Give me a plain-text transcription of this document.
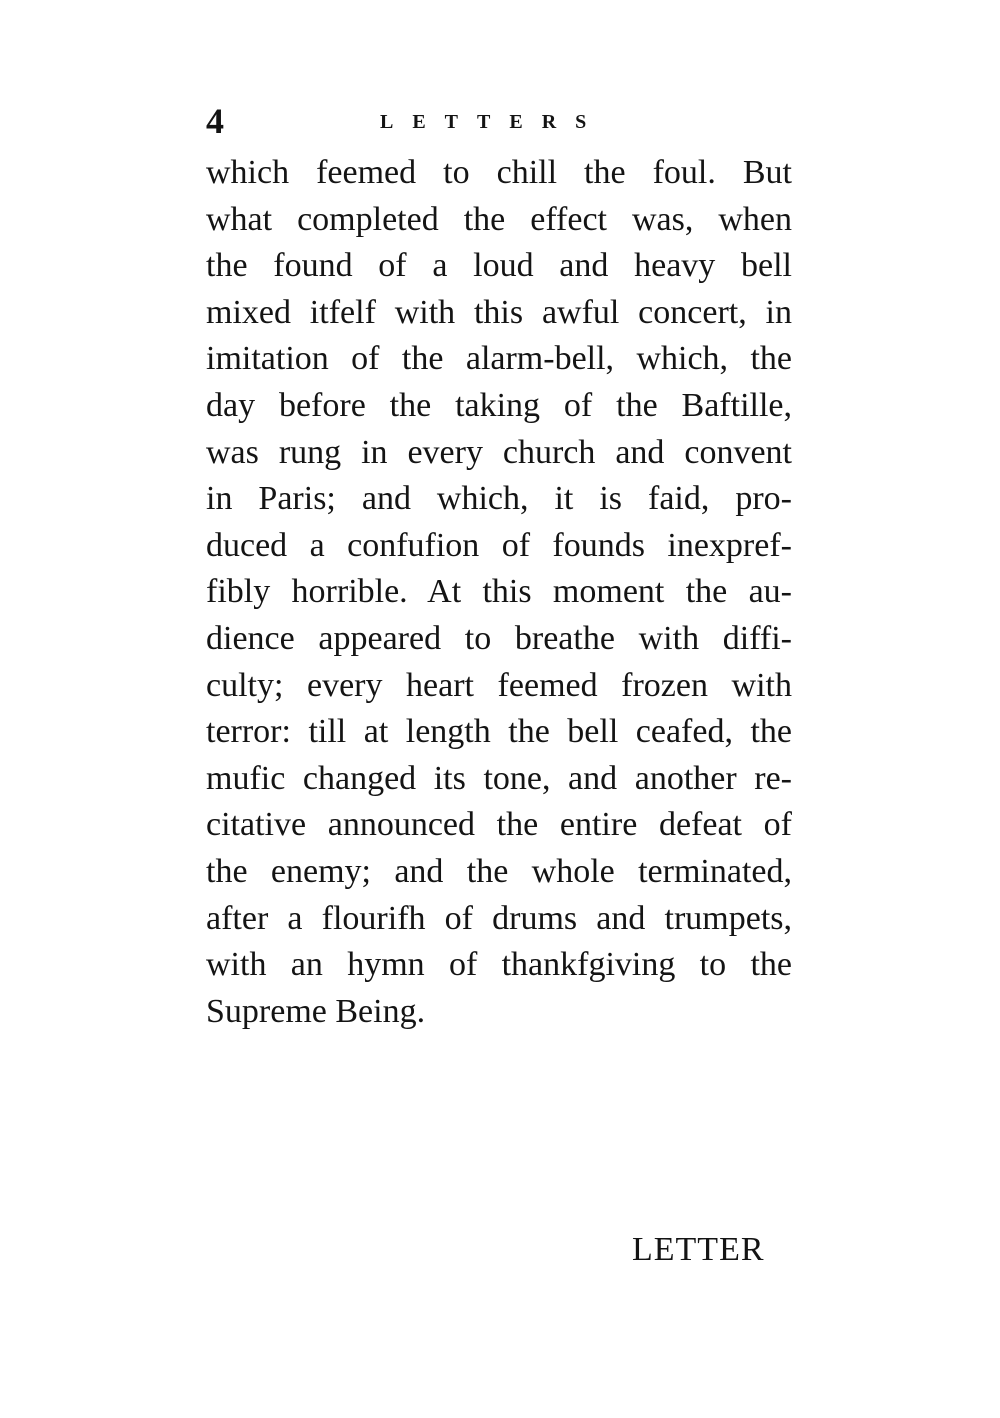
4	LETTERS
which feemed to chill the foul. But
what completed the effect was, when
the found of a loud and heavy bell
mixed itfelf with this awful concert, in
imitation of the alarm-bell, which, the
day before the taking of the Baftille,
was rung in every church and convent
in Paris; and which, it is faid, pro-
duced a confufion of founds inexpref-
fibly horrible. At this moment the au-
dience appeared to breathe with diffi-
culty; every heart feemed frozen with
terror: till at length the bell ceafed, the
mufic changed its tone, and another re-
citative announced the entire defeat of
the enemy; and the whole terminated,
after a flourifh of drums and trumpets,
with an hymn of thankfgiving to the
Supreme Being.
LETTER
